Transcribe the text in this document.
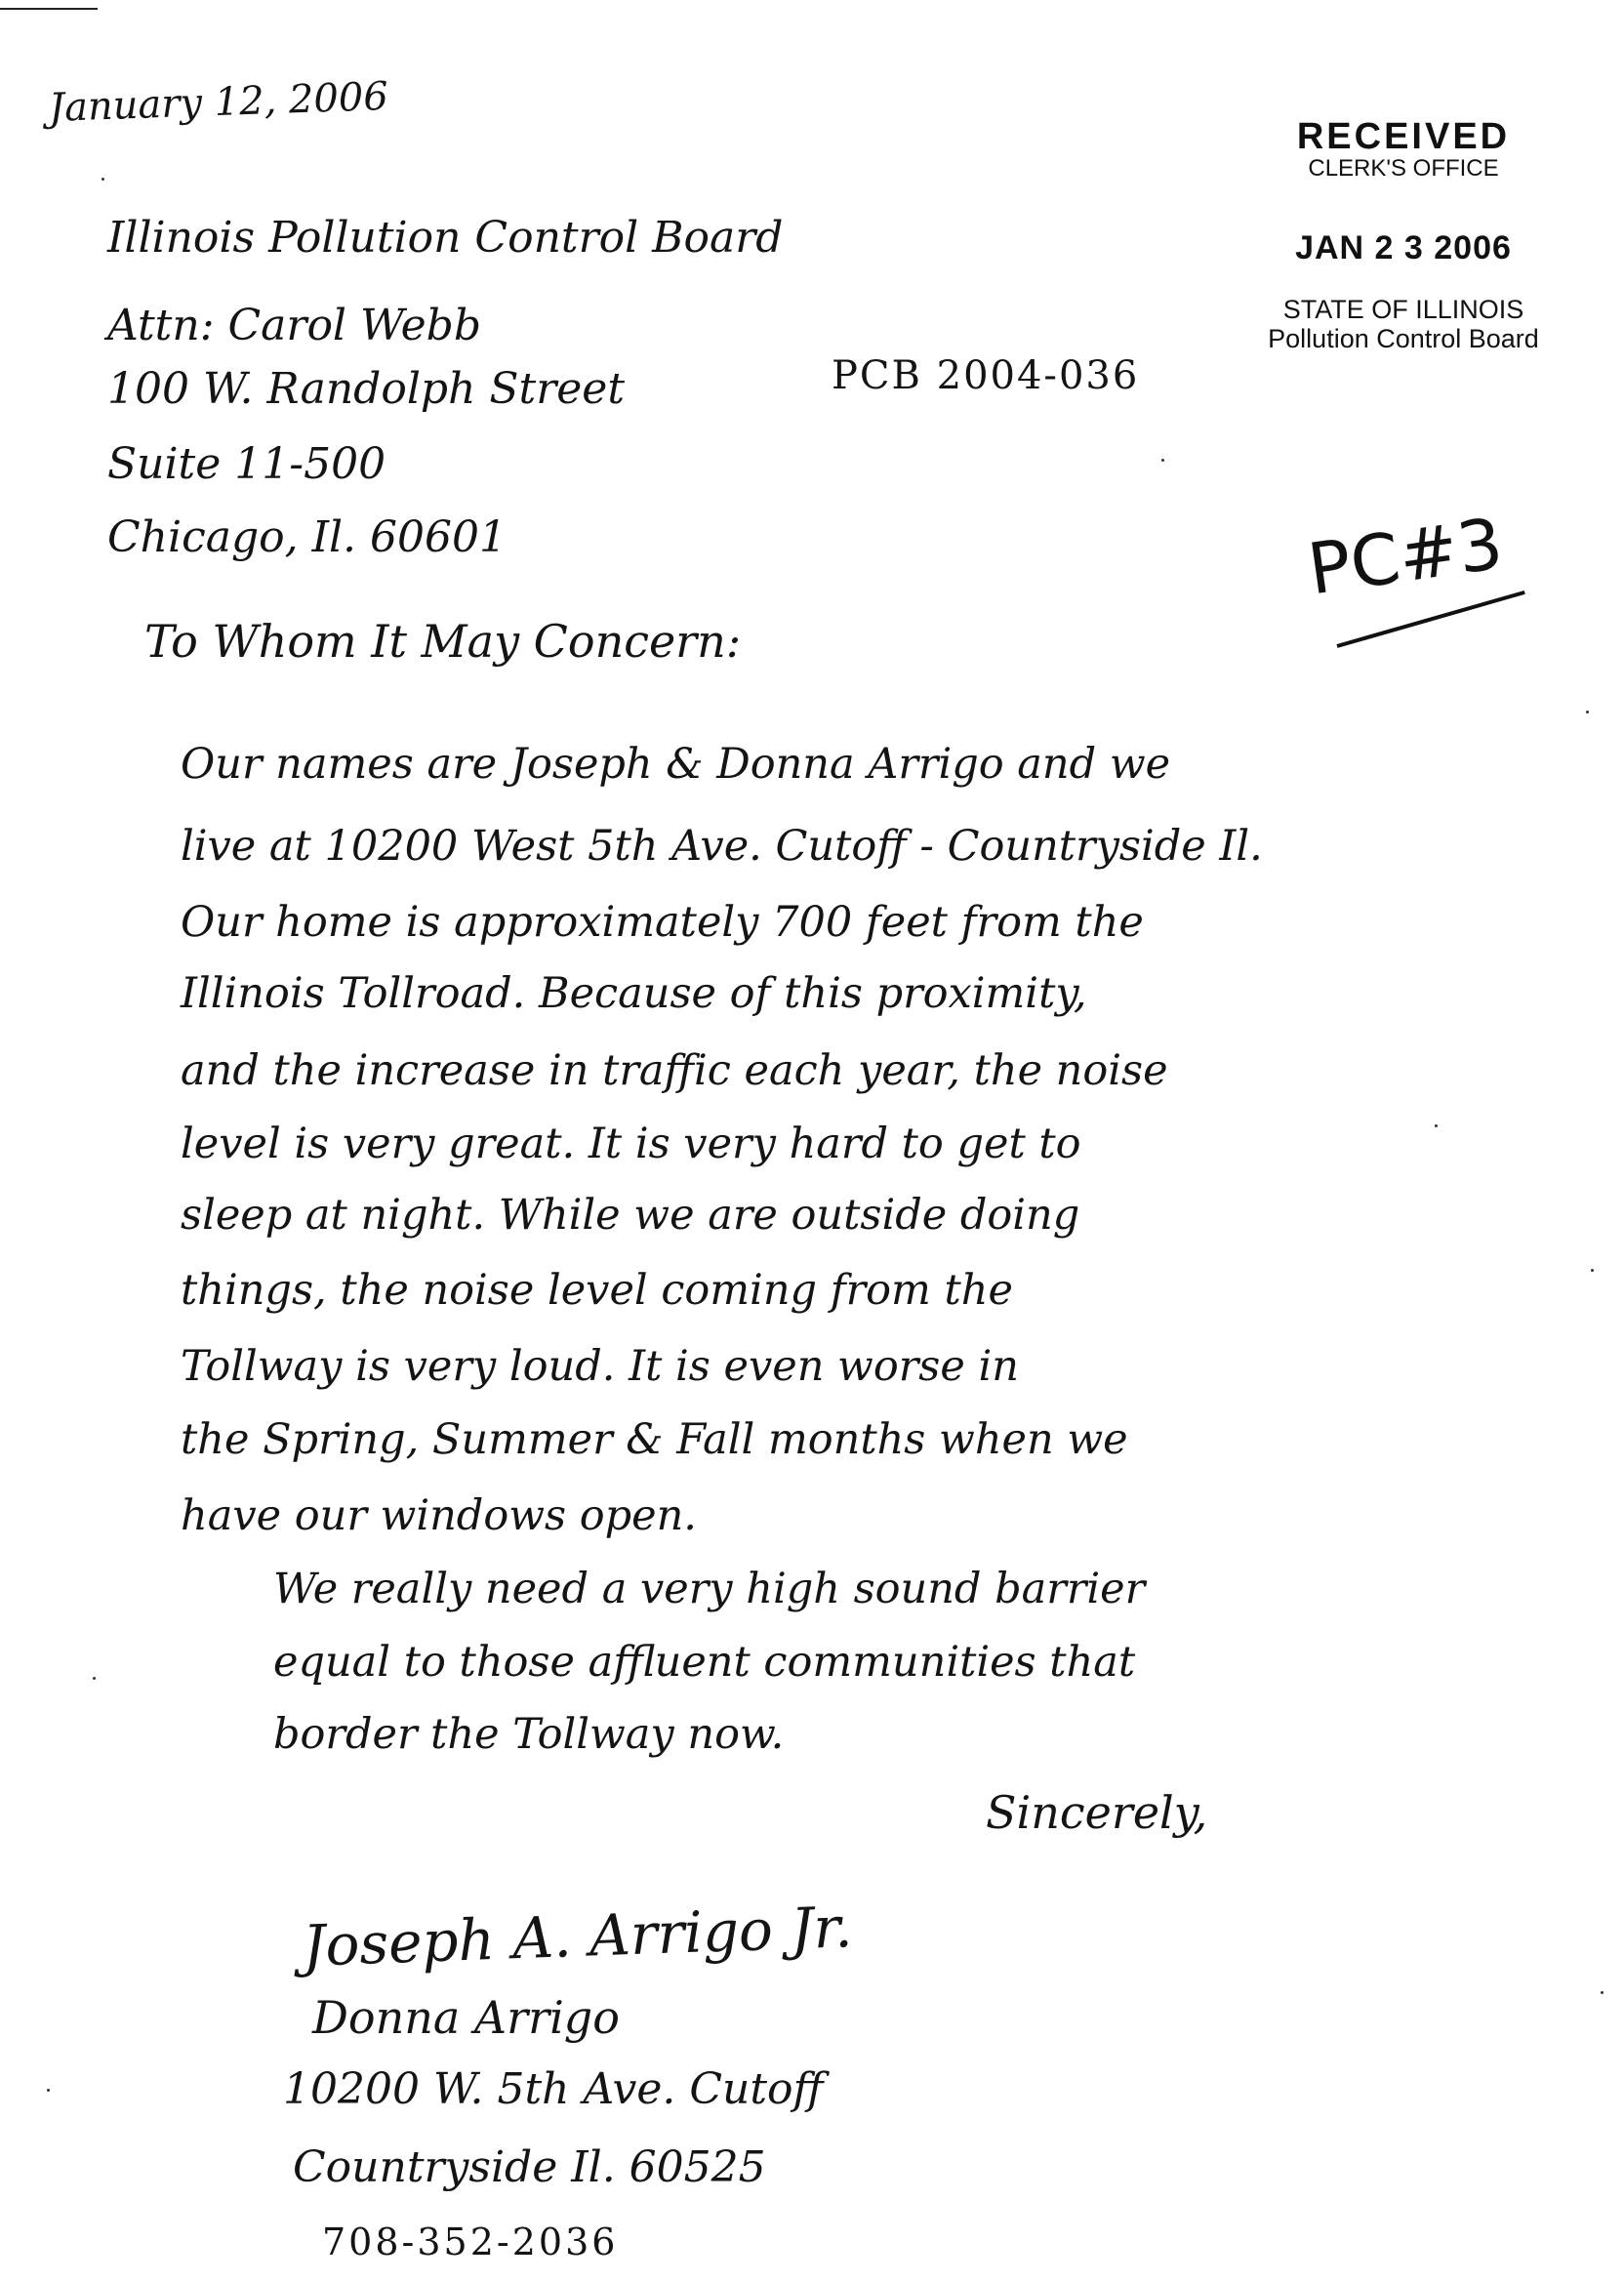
January 12, 2006
RECEIVED
CLERK'S OFFICE
JAN 2 3 2006
STATE OF ILLINOIS
Pollution Control Board
Illinois Pollution Control Board
Attn: Carol Webb
100 W. Randolph Street
Suite 11-500
Chicago, Il. 60601
PCB 2004-036
PC#3
To Whom It May Concern:
Our names are Joseph & Donna Arrigo and we
live at 10200 West 5th Ave. Cutoff - Countryside Il.
Our home is approximately 700 feet from the
Illinois Tollroad. Because of this proximity,
and the increase in traffic each year, the noise
level is very great. It is very hard to get to
sleep at night. While we are outside doing
things, the noise level coming from the
Tollway is very loud. It is even worse in
the Spring, Summer & Fall months when we
have our windows open.
We really need a very high sound barrier
equal to those affluent communities that
border the Tollway now.
Sincerely,
Joseph A. Arrigo Jr.
Donna Arrigo
10200 W. 5th Ave. Cutoff
Countryside Il. 60525
708-352-2036
